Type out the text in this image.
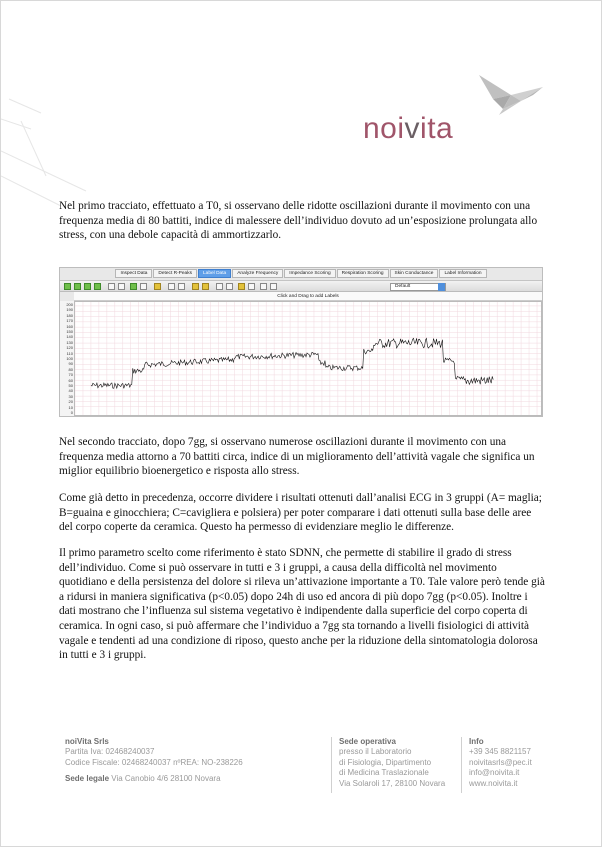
noivita

Nel primo tracciato, effettuato a T0, si osservano delle ridotte oscillazioni durante il movimento con una frequenza media di 80 battiti, indice di malessere dell’individuo dovuto ad un’esposizione prolungata allo stress, con una debole capacità di ammortizzarlo.

Inspect Data	Detect R-Peaks	Label Data	Analyze Frequency	Impedance Scoring	Respiration Scoring	Skin Conductance	Label Information
Default
200
190
180
170
160
150
140
130
120
110
100
90
80
70
60
50
40
30
20
10
0
Click and Drag to add Labels

Nel secondo tracciato, dopo 7gg, si osservano numerose oscillazioni durante il movimento con una frequenza media attorno a 70 battiti circa, indice di un miglioramento dell’attività vagale che significa un miglior equilibrio bioenergetico e risposta allo stress.

Come già detto in precedenza, occorre dividere i risultati ottenuti dall’analisi ECG in 3 gruppi (A= maglia; B=guaina e ginocchiera; C=cavigliera e polsiera) per poter comparare i dati ottenuti sulla base delle aree del corpo coperte da ceramica. Questo ha permesso di evidenziare meglio le differenze.

Il primo parametro scelto come riferimento è stato SDNN, che permette di stabilire il grado di stress dell’individuo. Come si può osservare in tutti e 3 i gruppi, a causa della difficoltà nel movimento quotidiano e della persistenza del dolore si rileva un’attivazione importante a T0. Tale valore però tende già a ridursi in maniera significativa (p<0.05) dopo 24h di uso ed ancora di più dopo 7gg (p<0.05). Inoltre i dati mostrano che l’influenza sul sistema vegetativo è indipendente dalla superficie del corpo coperta di ceramica. In ogni caso, si può affermare che l’individuo a 7gg sta tornando a livelli fisiologici di attività vagale e tendenti ad una condizione di riposo, questo anche per la riduzione della sintomatologia dolorosa in tutti e 3 i gruppi.

noiVita Srls
Partita Iva: 02468240037
Codice Fiscale: 02468240037 nºREA: NO-238226
Sede legale Via Canobio 4/6 28100 Novara
Sede operativa
presso il Laboratorio
di Fisiologia, Dipartimento
di Medicina Traslazionale
Via Solaroli 17, 28100 Novara
Info
+39 345 8821157
noivitasrls@pec.it
info@noivita.it
www.noivita.it
